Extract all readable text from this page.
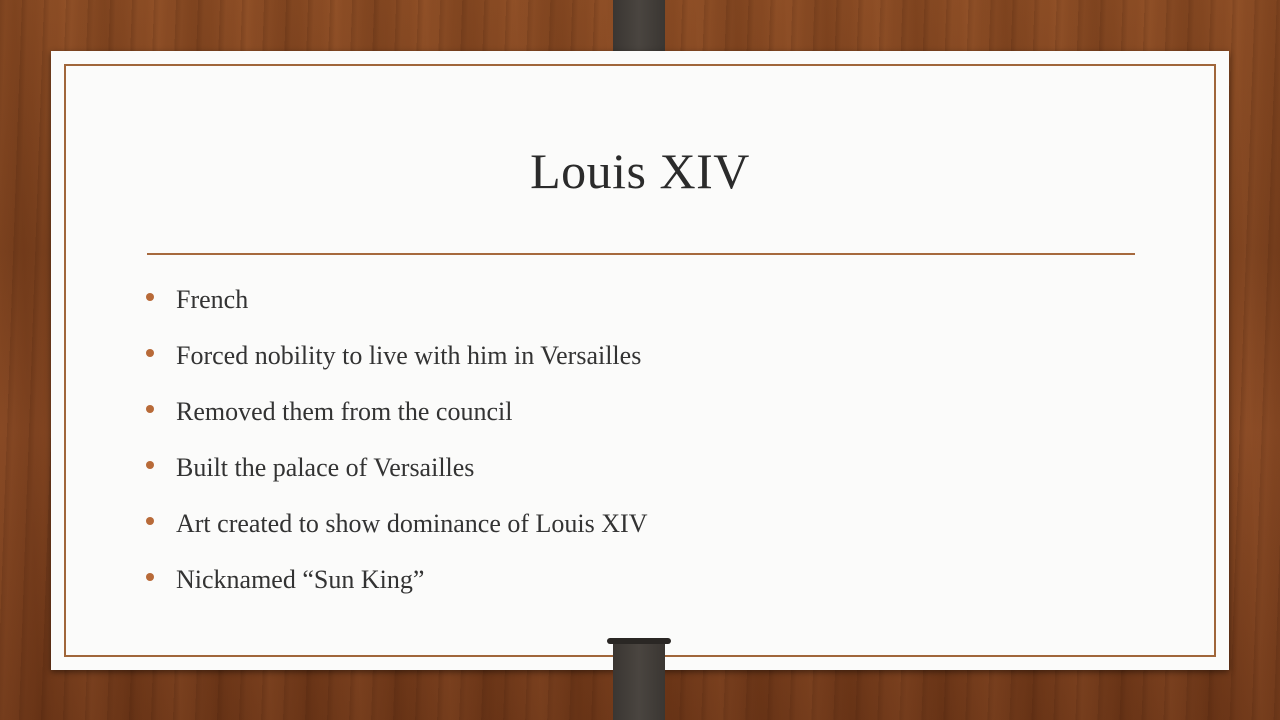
Louis XIV
French
Forced nobility to live with him in Versailles
Removed them from the council
Built the palace of Versailles
Art created to show dominance of Louis XIV
Nicknamed “Sun King”
